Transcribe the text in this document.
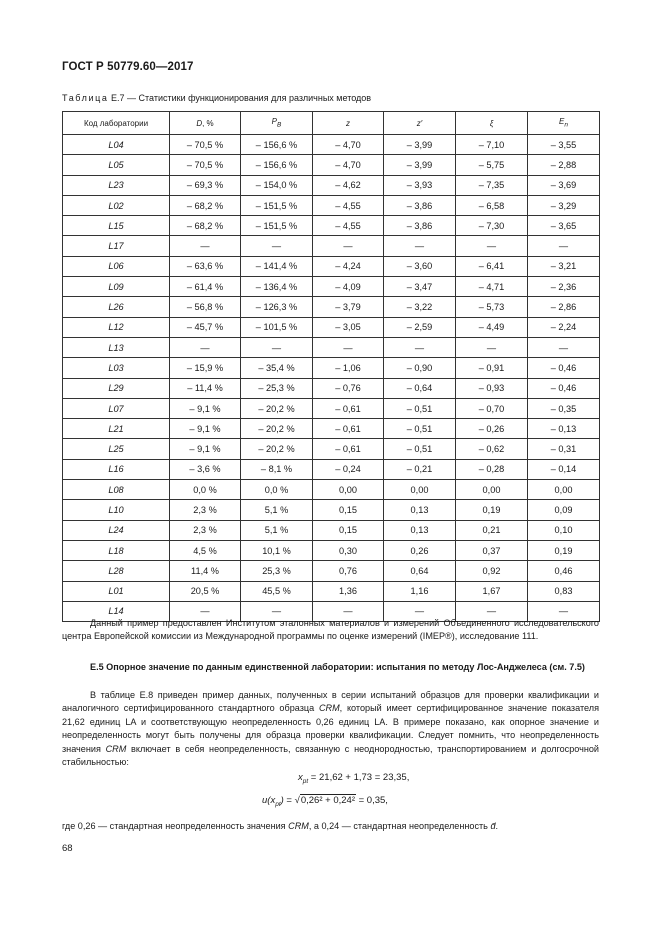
ГОСТ Р 50779.60—2017
Таблица Е.7 — Статистики функционирования для различных методов
Код лаборатории	D, %	$P_B$	z	z′	ξ	$E_n$
L04	– 70,5 %	– 156,6 %	– 4,70	– 3,99	– 7,10	– 3,55
L05	– 70,5 %	– 156,6 %	– 4,70	– 3,99	– 5,75	– 2,88
L23	– 69,3 %	– 154,0 %	– 4,62	– 3,93	– 7,35	– 3,69
L02	– 68,2 %	– 151,5 %	– 4,55	– 3,86	– 6,58	– 3,29
L15	– 68,2 %	– 151,5 %	– 4,55	– 3,86	– 7,30	– 3,65
L17	—	—	—	—	—	—
L06	– 63,6 %	– 141,4 %	– 4,24	– 3,60	– 6,41	– 3,21
L09	– 61,4 %	– 136,4 %	– 4,09	– 3,47	– 4,71	– 2,36
L26	– 56,8 %	– 126,3 %	– 3,79	– 3,22	– 5,73	– 2,86
L12	– 45,7 %	– 101,5 %	– 3,05	– 2,59	– 4,49	– 2,24
L13	—	—	—	—	—	—
L03	– 15,9 %	– 35,4 %	– 1,06	– 0,90	– 0,91	– 0,46
L29	– 11,4 %	– 25,3 %	– 0,76	– 0,64	– 0,93	– 0,46
L07	– 9,1 %	– 20,2 %	– 0,61	– 0,51	– 0,70	– 0,35
L21	– 9,1 %	– 20,2 %	– 0,61	– 0,51	– 0,26	– 0,13
L25	– 9,1 %	– 20,2 %	– 0,61	– 0,51	– 0,62	– 0,31
L16	– 3,6 %	– 8,1 %	– 0,24	– 0,21	– 0,28	– 0,14
L08	0,0 %	0,0 %	0,00	0,00	0,00	0,00
L10	2,3 %	5,1 %	0,15	0,13	0,19	0,09
L24	2,3 %	5,1 %	0,15	0,13	0,21	0,10
L18	4,5 %	10,1 %	0,30	0,26	0,37	0,19
L28	11,4 %	25,3 %	0,76	0,64	0,92	0,46
L01	20,5 %	45,5 %	1,36	1,16	1,67	0,83
L14	—	—	—	—	—	—
Данный пример предоставлен Институтом эталонных материалов и измерений Объединенного исследовательского центра Европейской комиссии из Международной программы по оценке измерений (IMEP®), исследование 111.
Е.5 Опорное значение по данным единственной лаборатории: испытания по методу Лос-Анджелеса (см. 7.5)
В таблице Е.8 приведен пример данных, полученных в серии испытаний образцов для проверки квалификации и аналогичного сертифицированного стандартного образца CRM, который имеет сертифицированное значение показателя 21,62 единиц LA и соответствующую неопределенность 0,26 единиц LA. В примере показано, как опорное значение и неопределенность могут быть получены для образца проверки квалификации. Следует помнить, что неопределенность значения CRM включает в себя неопределенность, связанную с неоднородностью, транспортированием и долгосрочной стабильностью:
$x_{pt} = 21,62 + 1,73 = 23,35$,
$u(x_{pt}) = √0,26^2 + 0,24^2 = 0,35$,
где 0,26 — стандартная неопределенность значения CRM, а 0,24 — стандартная неопределенность d̄.
68
